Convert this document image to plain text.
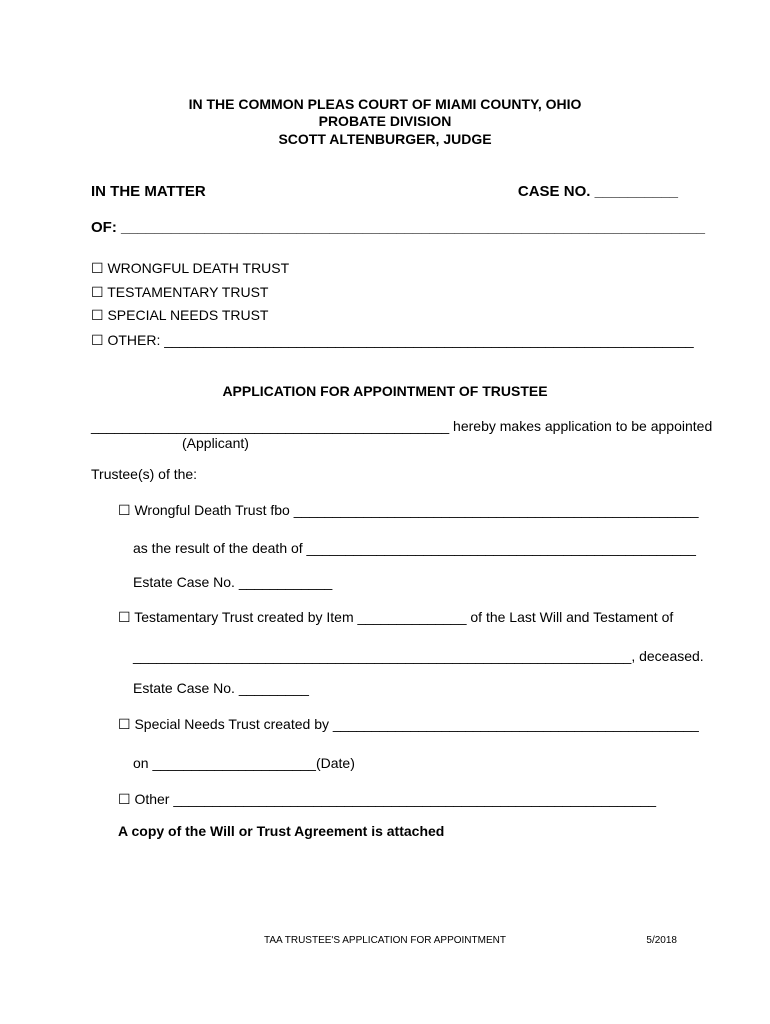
IN THE COMMON PLEAS COURT OF MIAMI COUNTY, OHIO
PROBATE DIVISION
SCOTT ALTENBURGER, JUDGE
IN THE MATTER	CASE NO. __________
OF: ______________________________________________________________________
☐ WRONGFUL DEATH TRUST
☐ TESTAMENTARY TRUST
☐ SPECIAL NEEDS TRUST
☐ OTHER: ____________________________________________________________________
APPLICATION FOR APPOINTMENT OF TRUSTEE
______________________________________________ hereby makes application to be appointed
(Applicant)
Trustee(s) of the:
☐ Wrongful Death Trust fbo ____________________________________________________
as the result of the death of __________________________________________________
Estate Case No. ____________
☐ Testamentary Trust created by Item ______________ of the Last Will and Testament of
________________________________________________________________, deceased.
Estate Case No. _________
☐ Special Needs Trust created by _______________________________________________
on _____________________(Date)
☐ Other ______________________________________________________________
A copy of the Will or Trust Agreement is attached
TAA TRUSTEE'S APPLICATION FOR APPOINTMENT	5/2018
